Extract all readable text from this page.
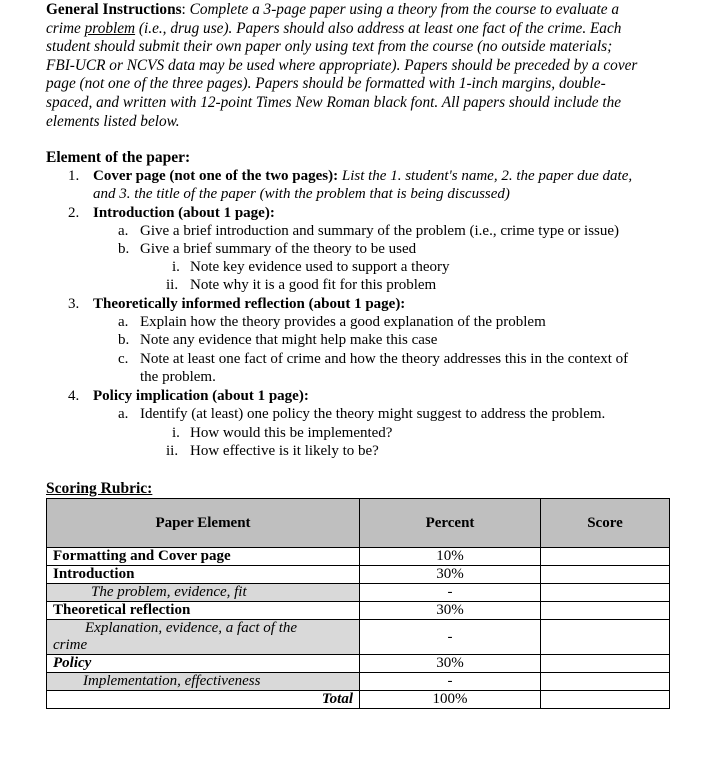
General Instructions: Complete a 3-page paper using a theory from the course to evaluate a
crime problem (i.e., drug use). Papers should also address at least one fact of the crime. Each
student should submit their own paper only using text from the course (no outside materials;
FBI-UCR or NCVS data may be used where appropriate). Papers should be preceded by a cover
page (not one of the three pages). Papers should be formatted with 1-inch margins, double-
spaced, and written with 12-point Times New Roman black font. All papers should include the
elements listed below.
Element of the paper:
1. Cover page (not one of the two pages): List the 1. student's name, 2. the paper due date,
and 3. the title of the paper (with the problem that is being discussed)
2. Introduction (about 1 page):
a. Give a brief introduction and summary of the problem (i.e., crime type or issue)
b. Give a brief summary of the theory to be used
i. Note key evidence used to support a theory
ii. Note why it is a good fit for this problem
3. Theoretically informed reflection (about 1 page):
a. Explain how the theory provides a good explanation of the problem
b. Note any evidence that might help make this case
c. Note at least one fact of crime and how the theory addresses this in the context of
the problem.
4. Policy implication (about 1 page):
a. Identify (at least) one policy the theory might suggest to address the problem.
i. How would this be implemented?
ii. How effective is it likely to be?
Scoring Rubric:
Paper Element	Percent	Score
Formatting and Cover page	10%	
Introduction	30%	
The problem, evidence, fit	-	
Theoretical reflection	30%	

Explanation, evidence, a fact of the
crime	-	
Policy	30%	
Implementation, effectiveness	-	
Total	100%	
